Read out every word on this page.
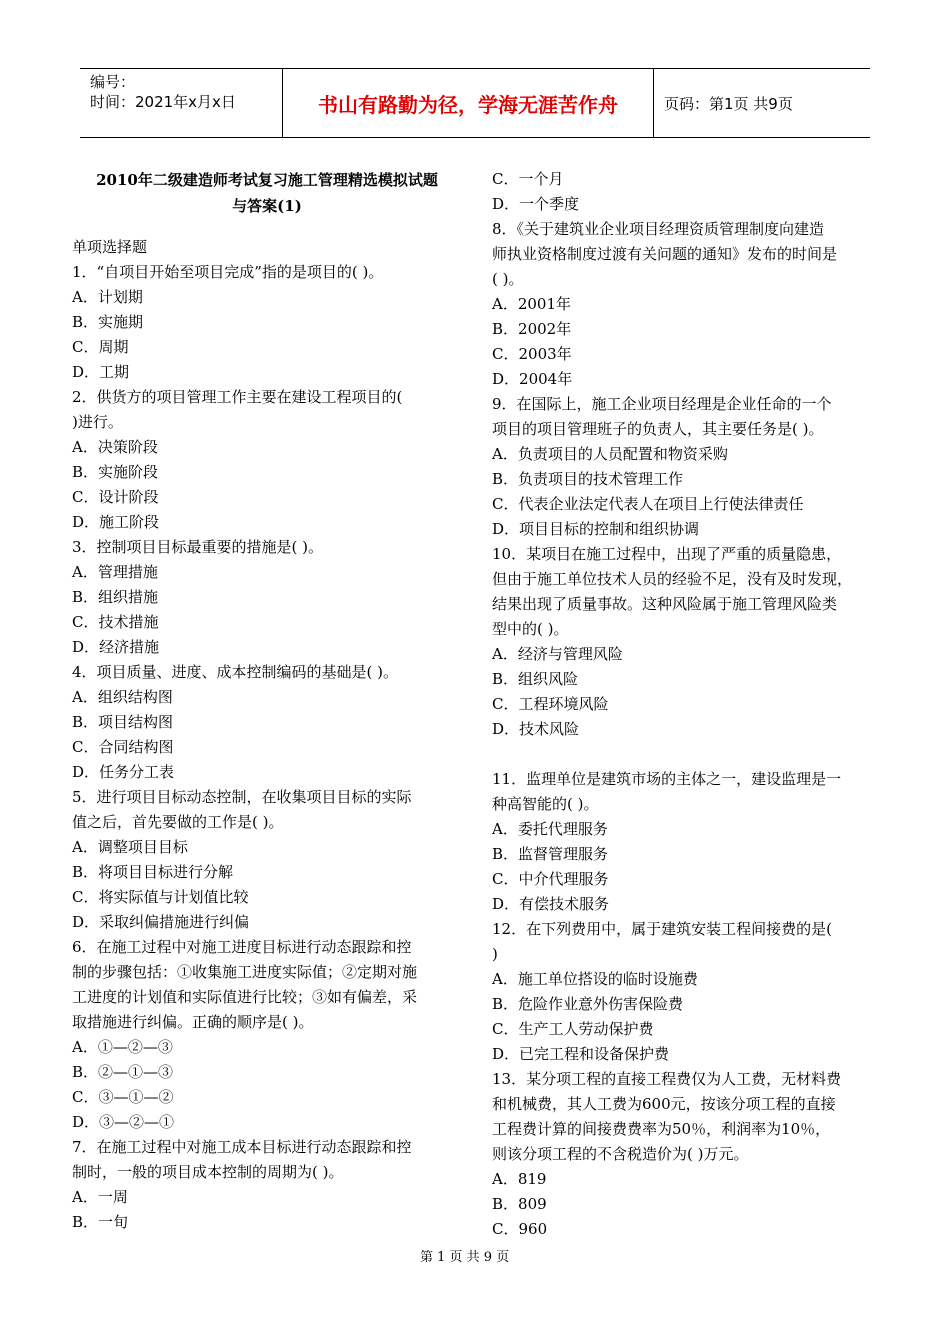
编号：
时间：2021年x月x日	书山有路勤为径，学海无涯苦作舟	页码：第1页 共9页
2010年二级建造师考试复习施工管理精选模拟试题
与答案(1)
单项选择题
1．“自项目开始至项目完成”指的是项目的( )。
A．计划期
B．实施期
C．周期
D．工期
2．供货方的项目管理工作主要在建设工程项目的(
)进行。
A．决策阶段
B．实施阶段
C．设计阶段
D．施工阶段
3．控制项目目标最重要的措施是( )。
A．管理措施
B．组织措施
C．技术措施
D．经济措施
4．项目质量、进度、成本控制编码的基础是( )。
A．组织结构图
B．项目结构图
C．合同结构图
D．任务分工表
5．进行项目目标动态控制，在收集项目目标的实际
值之后，首先要做的工作是( )。
A．调整项目目标
B．将项目目标进行分解
C．将实际值与计划值比较
D．采取纠偏措施进行纠偏
6．在施工过程中对施工进度目标进行动态跟踪和控
制的步骤包括：①收集施工进度实际值；②定期对施
工进度的计划值和实际值进行比较；③如有偏差，采
取措施进行纠偏。正确的顺序是( )。
A．①—②—③
B．②—①—③
C．③—①—②
D．③—②—①
7．在施工过程中对施工成本目标进行动态跟踪和控
制时，一般的项目成本控制的周期为( )。
A．一周
B．一旬
C．一个月
D．一个季度
8．《关于建筑业企业项目经理资质管理制度向建造
师执业资格制度过渡有关问题的通知》发布的时间是
( )。
A．2001年
B．2002年
C．2003年
D．2004年
9．在国际上，施工企业项目经理是企业任命的一个
项目的项目管理班子的负责人，其主要任务是( )。
A．负责项目的人员配置和物资采购
B．负责项目的技术管理工作
C．代表企业法定代表人在项目上行使法律责任
D．项目目标的控制和组织协调
10．某项目在施工过程中，出现了严重的质量隐患，
但由于施工单位技术人员的经验不足，没有及时发现，
结果出现了质量事故。这种风险属于施工管理风险类
型中的( )。
A．经济与管理风险
B．组织风险
C．工程环境风险
D．技术风险

11．监理单位是建筑市场的主体之一，建设监理是一
种高智能的( )。
A．委托代理服务
B．监督管理服务
C．中介代理服务
D．有偿技术服务
12．在下列费用中，属于建筑安装工程间接费的是(
)
A．施工单位搭设的临时设施费
B．危险作业意外伤害保险费
C．生产工人劳动保护费
D．已完工程和设备保护费
13．某分项工程的直接工程费仅为人工费，无材料费
和机械费，其人工费为600元，按该分项工程的直接
工程费计算的间接费费率为50％，利润率为10％，
则该分项工程的不含税造价为( )万元。
A．819
B．809
C．960
第 1 页 共 9 页
